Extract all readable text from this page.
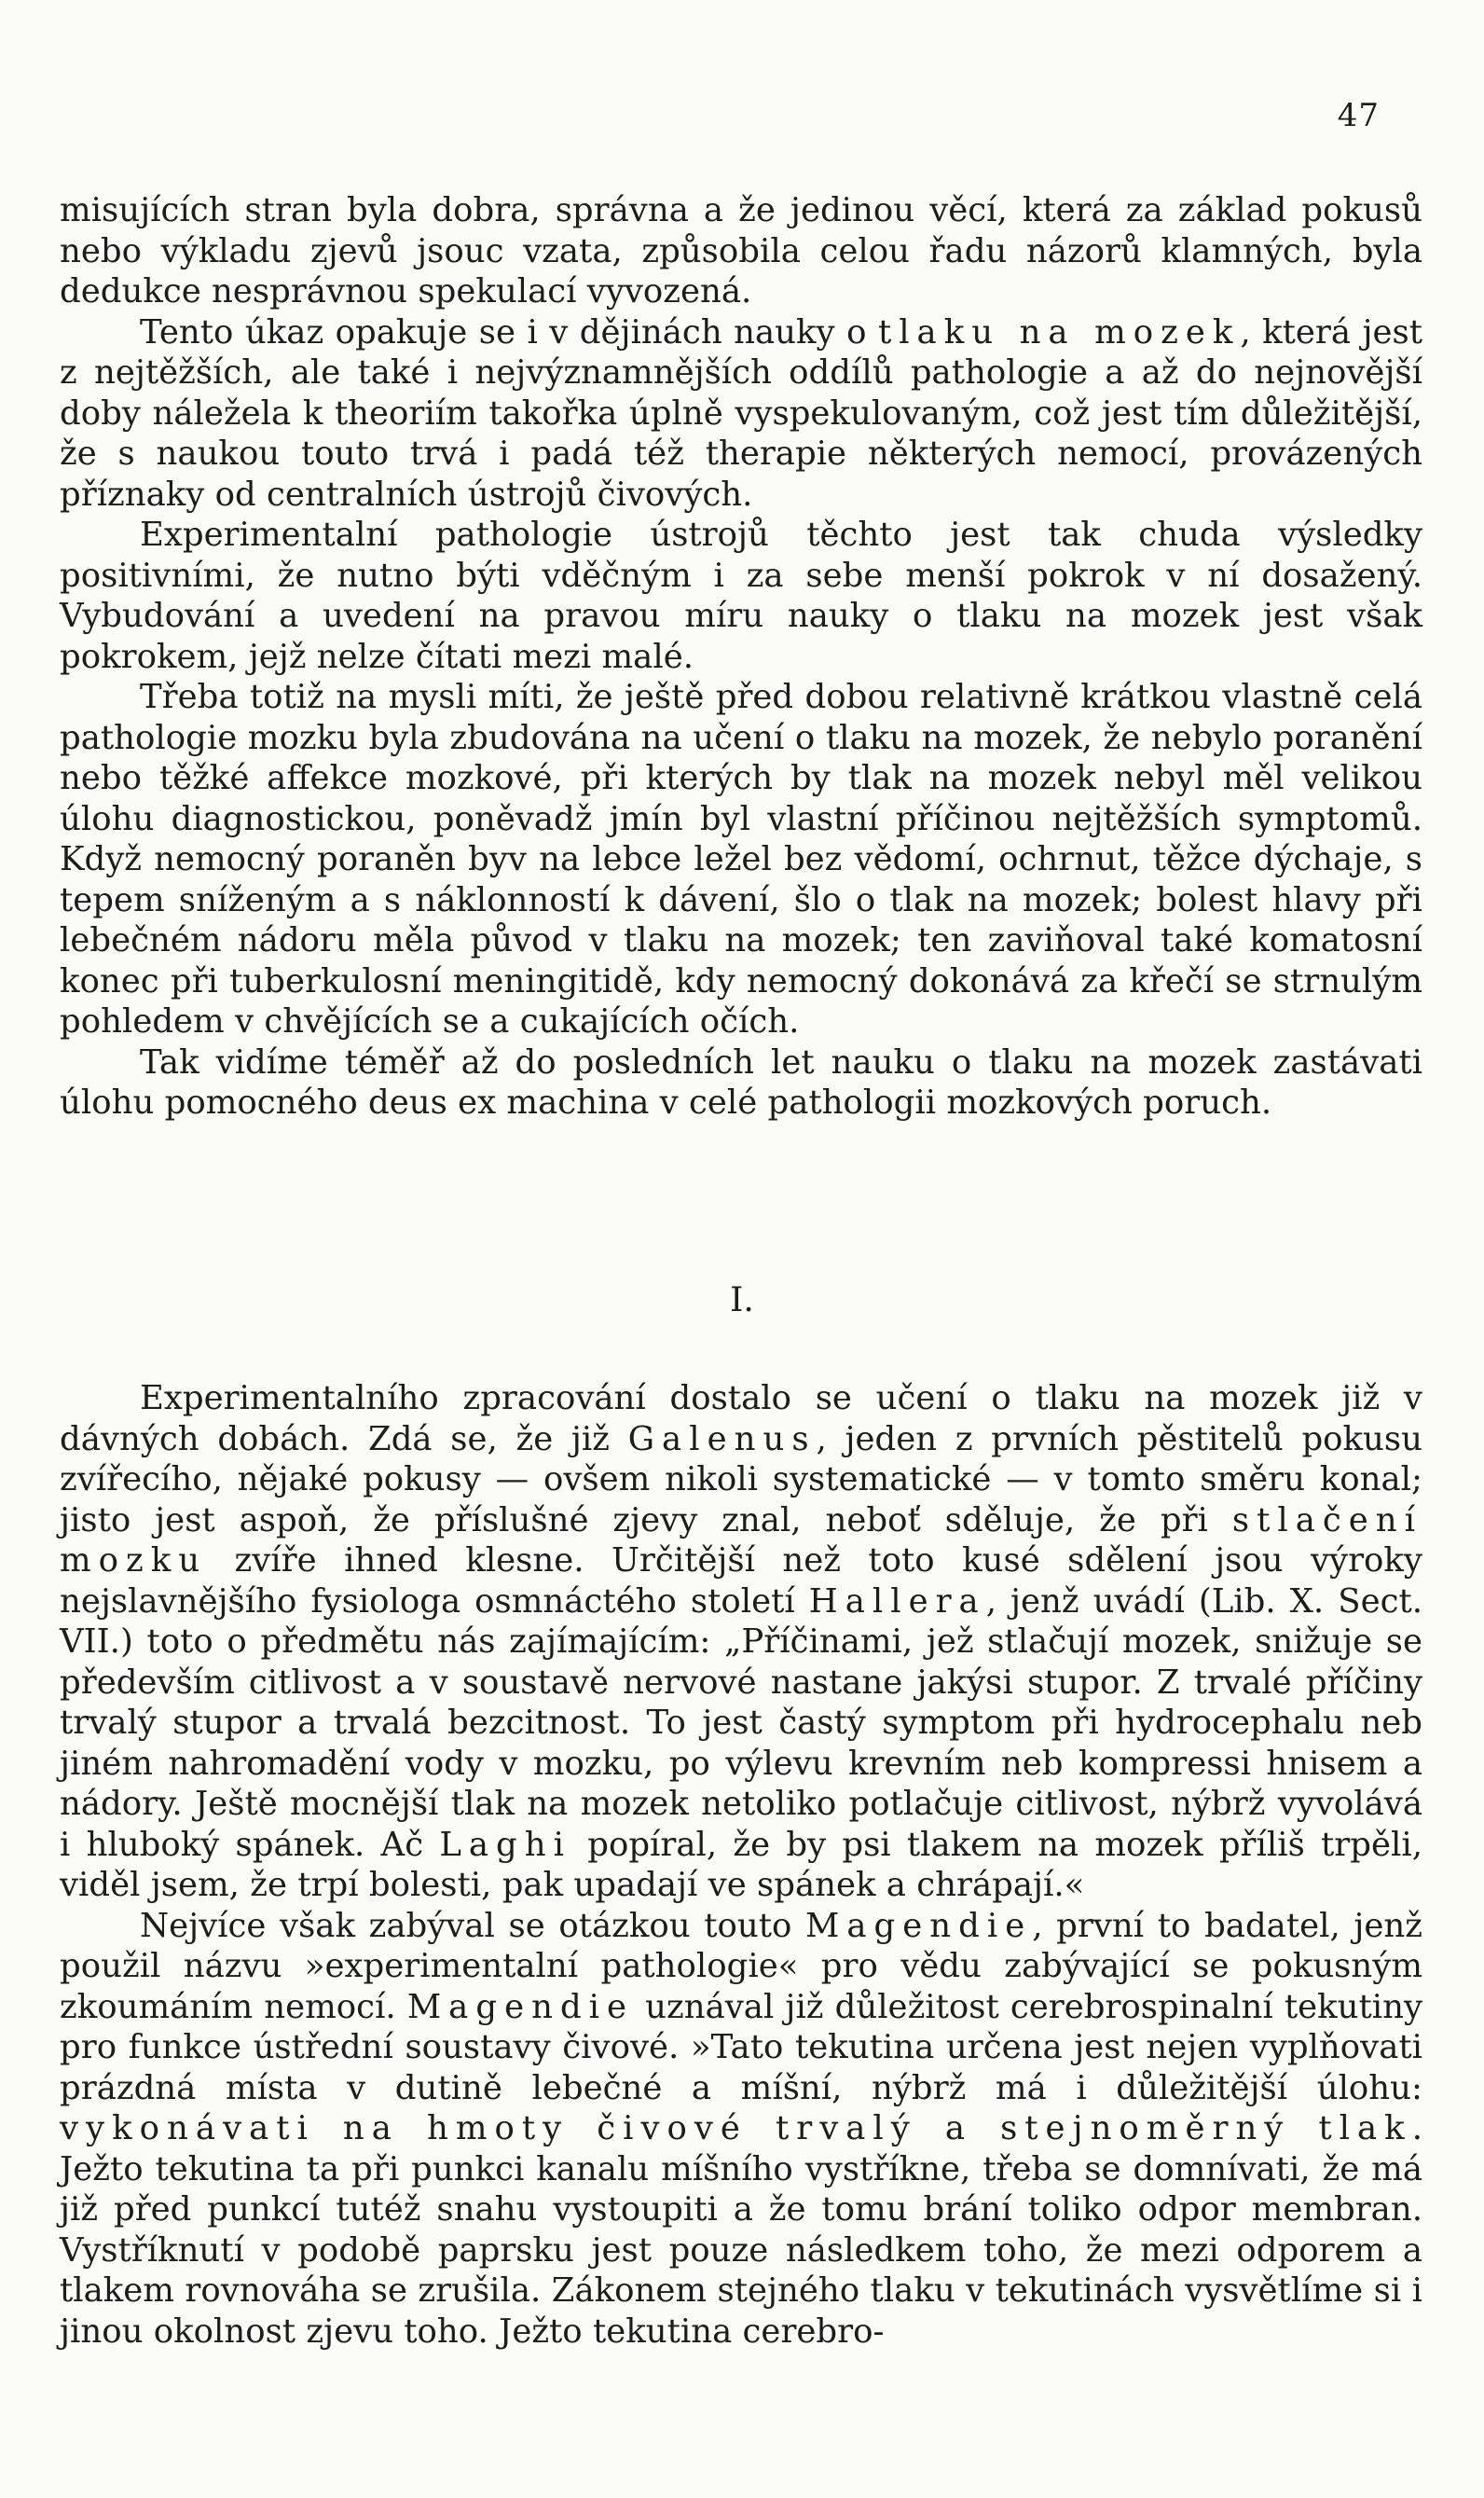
47

misujících stran byla dobra, správna a že jedinou věcí, která za základ pokusů nebo výkladu zjevů jsouc vzata, způsobila celou řadu názorů klamných, byla dedukce nesprávnou spekulací vyvozená.

Tento úkaz opakuje se i v dějinách nauky o tlaku na mozek, která jest z nejtěžších, ale také i nejvýznamnějších oddílů pathologie a až do nejnovější doby náležela k theoriím takořka úplně vyspekulovaným, což jest tím důležitější, že s naukou touto trvá i padá též therapie některých nemocí, provázených příznaky od centralních ústrojů čivových.

Experimentalní pathologie ústrojů těchto jest tak chuda výsledky positivními, že nutno býti vděčným i za sebe menší pokrok v ní dosažený. Vybudování a uvedení na pravou míru nauky o tlaku na mozek jest však pokrokem, jejž nelze čítati mezi malé.

Třeba totiž na mysli míti, že ještě před dobou relativně krátkou vlastně celá pathologie mozku byla zbudována na učení o tlaku na mozek, že nebylo poranění nebo těžké affekce mozkové, při kterých by tlak na mozek nebyl měl velikou úlohu diagnostickou, poněvadž jmín byl vlastní příčinou nejtěžších symptomů. Když nemocný poraněn byv na lebce ležel bez vědomí, ochrnut, těžce dýchaje, s tepem sníženým a s náklonností k dávení, šlo o tlak na mozek; bolest hlavy při lebečném nádoru měla původ v tlaku na mozek; ten zaviňoval také komatosní konec při tuberkulosní meningitidě, kdy nemocný dokonává za křečí se strnulým pohledem v chvějících se a cukajících očích.

Tak vidíme téměř až do posledních let nauku o tlaku na mozek zastávati úlohu pomocného deus ex machina v celé pathologii mozkových poruch.

I.

Experimentalního zpracování dostalo se učení o tlaku na mozek již v dávných dobách. Zdá se, že již Galenus, jeden z prvních pěstitelů pokusu zvířecího, nějaké pokusy — ovšem nikoli systematické — v tomto směru konal; jisto jest aspoň, že příslušné zjevy znal, neboť sděluje, že při stlačení mozku zvíře ihned klesne. Určitější než toto kusé sdělení jsou výroky nejslavnějšího fysiologa osmnáctého století Hallera, jenž uvádí (Lib. X. Sect. VII.) toto o předmětu nás zajímajícím: „Příčinami, jež stlačují mozek, snižuje se především citlivost a v soustavě nervové nastane jakýsi stupor. Z trvalé příčiny trvalý stupor a trvalá bezcitnost. To jest častý symptom při hydrocephalu neb jiném nahromadění vody v mozku, po výlevu krevním neb kompressi hnisem a nádory. Ještě mocnější tlak na mozek netoliko potlačuje citlivost, nýbrž vyvolává i hluboký spánek. Ač Laghi popíral, že by psi tlakem na mozek příliš trpěli, viděl jsem, že trpí bolesti, pak upadají ve spánek a chrápají.«

Nejvíce však zabýval se otázkou touto Magendie, první to badatel, jenž použil názvu »experimentalní pathologie« pro vědu zabývající se pokusným zkoumáním nemocí. Magendie uznával již důležitost cerebrospinalní tekutiny pro funkce ústřední soustavy čivové. »Tato tekutina určena jest nejen vyplňovati prázdná místa v dutině lebečné a míšní, nýbrž má i důležitější úlohu: vykonávati na hmoty čivové trvalý a stejnoměrný tlak. Ježto tekutina ta při punkci kanalu míšního vystříkne, třeba se domnívati, že má již před punkcí tutéž snahu vystoupiti a že tomu brání toliko odpor membran. Vystříknutí v podobě paprsku jest pouze následkem toho, že mezi odporem a tlakem rovnováha se zrušila. Zákonem stejného tlaku v tekutinách vysvětlíme si i jinou okolnost zjevu toho. Ježto tekutina cerebro-
